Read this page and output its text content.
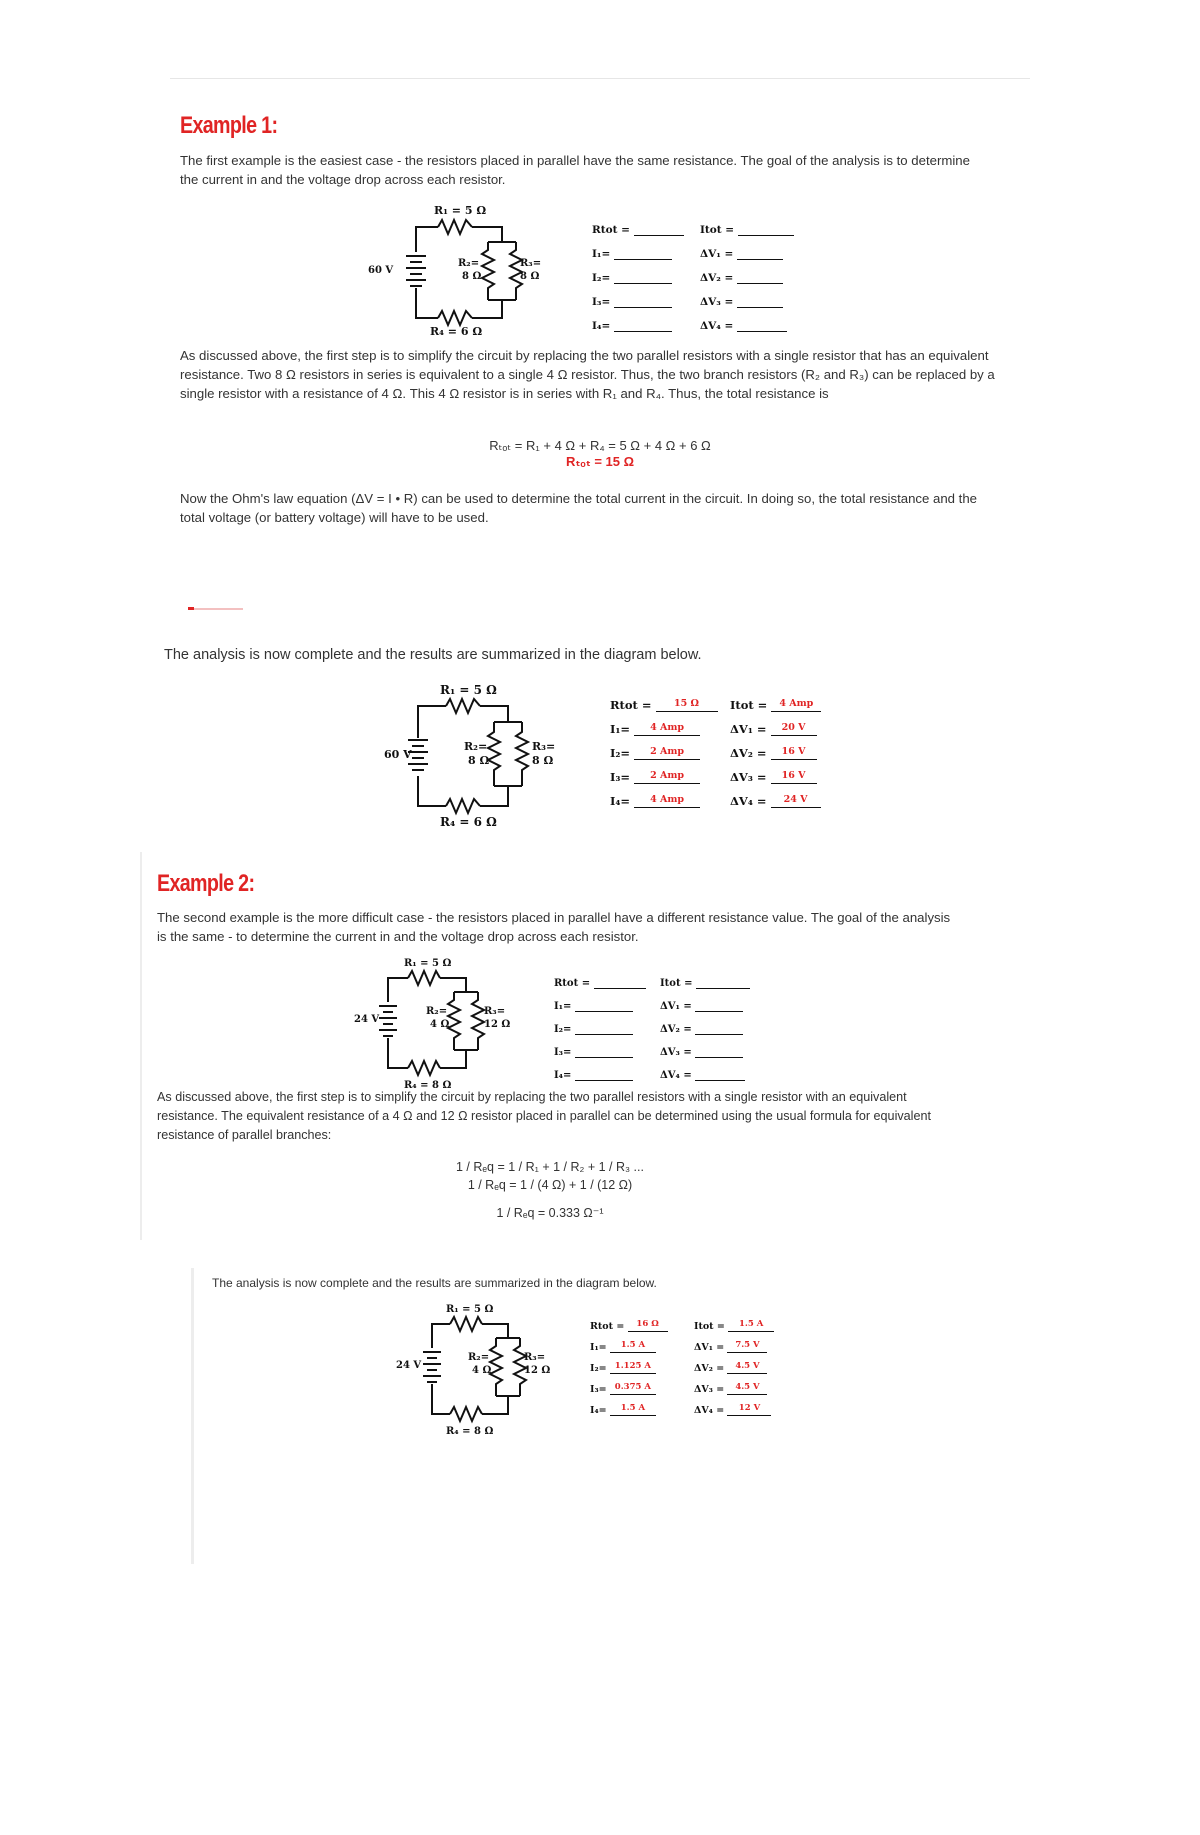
Example 1:

The first example is the easiest case - the resistors placed in parallel have the same resistance. The goal of the analysis is to determine the current in and the voltage drop across each resistor.

R₁ = 5 Ω
R₄ = 6 Ω
60 V
R₂=
8 Ω
R₃=
8 Ω
Rtot =
I₁=
I₂=
I₃=
I₄=
Itot =
ΔV₁ =
ΔV₂ =
ΔV₃ =
ΔV₄ =

As discussed above, the first step is to simplify the circuit by replacing the two parallel resistors with a single resistor that has an equivalent resistance. Two 8 Ω resistors in series is equivalent to a single 4 Ω resistor. Thus, the two branch resistors (R₂ and R₃) can be replaced by a single resistor with a resistance of 4 Ω. This 4 Ω resistor is in series with R₁ and R₄. Thus, the total resistance is

Rₜₒₜ = R₁ + 4 Ω + R₄ = 5 Ω + 4 Ω + 6 Ω
Rₜₒₜ = 15 Ω

Now the Ohm's law equation (ΔV = I • R) can be used to determine the total current in the circuit. In doing so, the total resistance and the total voltage (or battery voltage) will have to be used.

The analysis is now complete and the results are summarized in the diagram below.

R₁ = 5 Ω
R₄ = 6 Ω
60 V
R₂=
8 Ω
R₃=
8 Ω
Rtot = 15 Ω
I₁= 4 Amp
I₂= 2 Amp
I₃= 2 Amp
I₄= 4 Amp
Itot = 4 Amp
ΔV₁ = 20 V
ΔV₂ = 16 V
ΔV₃ = 16 V
ΔV₄ = 24 V
Example 2:

The second example is the more difficult case - the resistors placed in parallel have a different resistance value. The goal of the analysis is the same - to determine the current in and the voltage drop across each resistor.

R₁ = 5 Ω
R₄ = 8 Ω
24 V
R₂=
4 Ω
R₃=
12 Ω
Rtot =
I₁=
I₂=
I₃=
I₄=
Itot =
ΔV₁ =
ΔV₂ =
ΔV₃ =
ΔV₄ =

As discussed above, the first step is to simplify the circuit by replacing the two parallel resistors with a single resistor with an equivalent resistance. The equivalent resistance of a 4 Ω and 12 Ω resistor placed in parallel can be determined using the usual formula for equivalent resistance of parallel branches:

1 / Rₑq = 1 / R₁ + 1 / R₂ + 1 / R₃ ...
1 / Rₑq = 1 / (4 Ω) + 1 / (12 Ω)
1 / Rₑq = 0.333 Ω⁻¹

The analysis is now complete and the results are summarized in the diagram below.

R₁ = 5 Ω
R₄ = 8 Ω
24 V
R₂=
4 Ω
R₃=
12 Ω
Rtot = 16 Ω
I₁= 1.5 A
I₂= 1.125 A
I₃= 0.375 A
I₄= 1.5 A
Itot = 1.5 A
ΔV₁ = 7.5 V
ΔV₂ = 4.5 V
ΔV₃ = 4.5 V
ΔV₄ = 12 V
